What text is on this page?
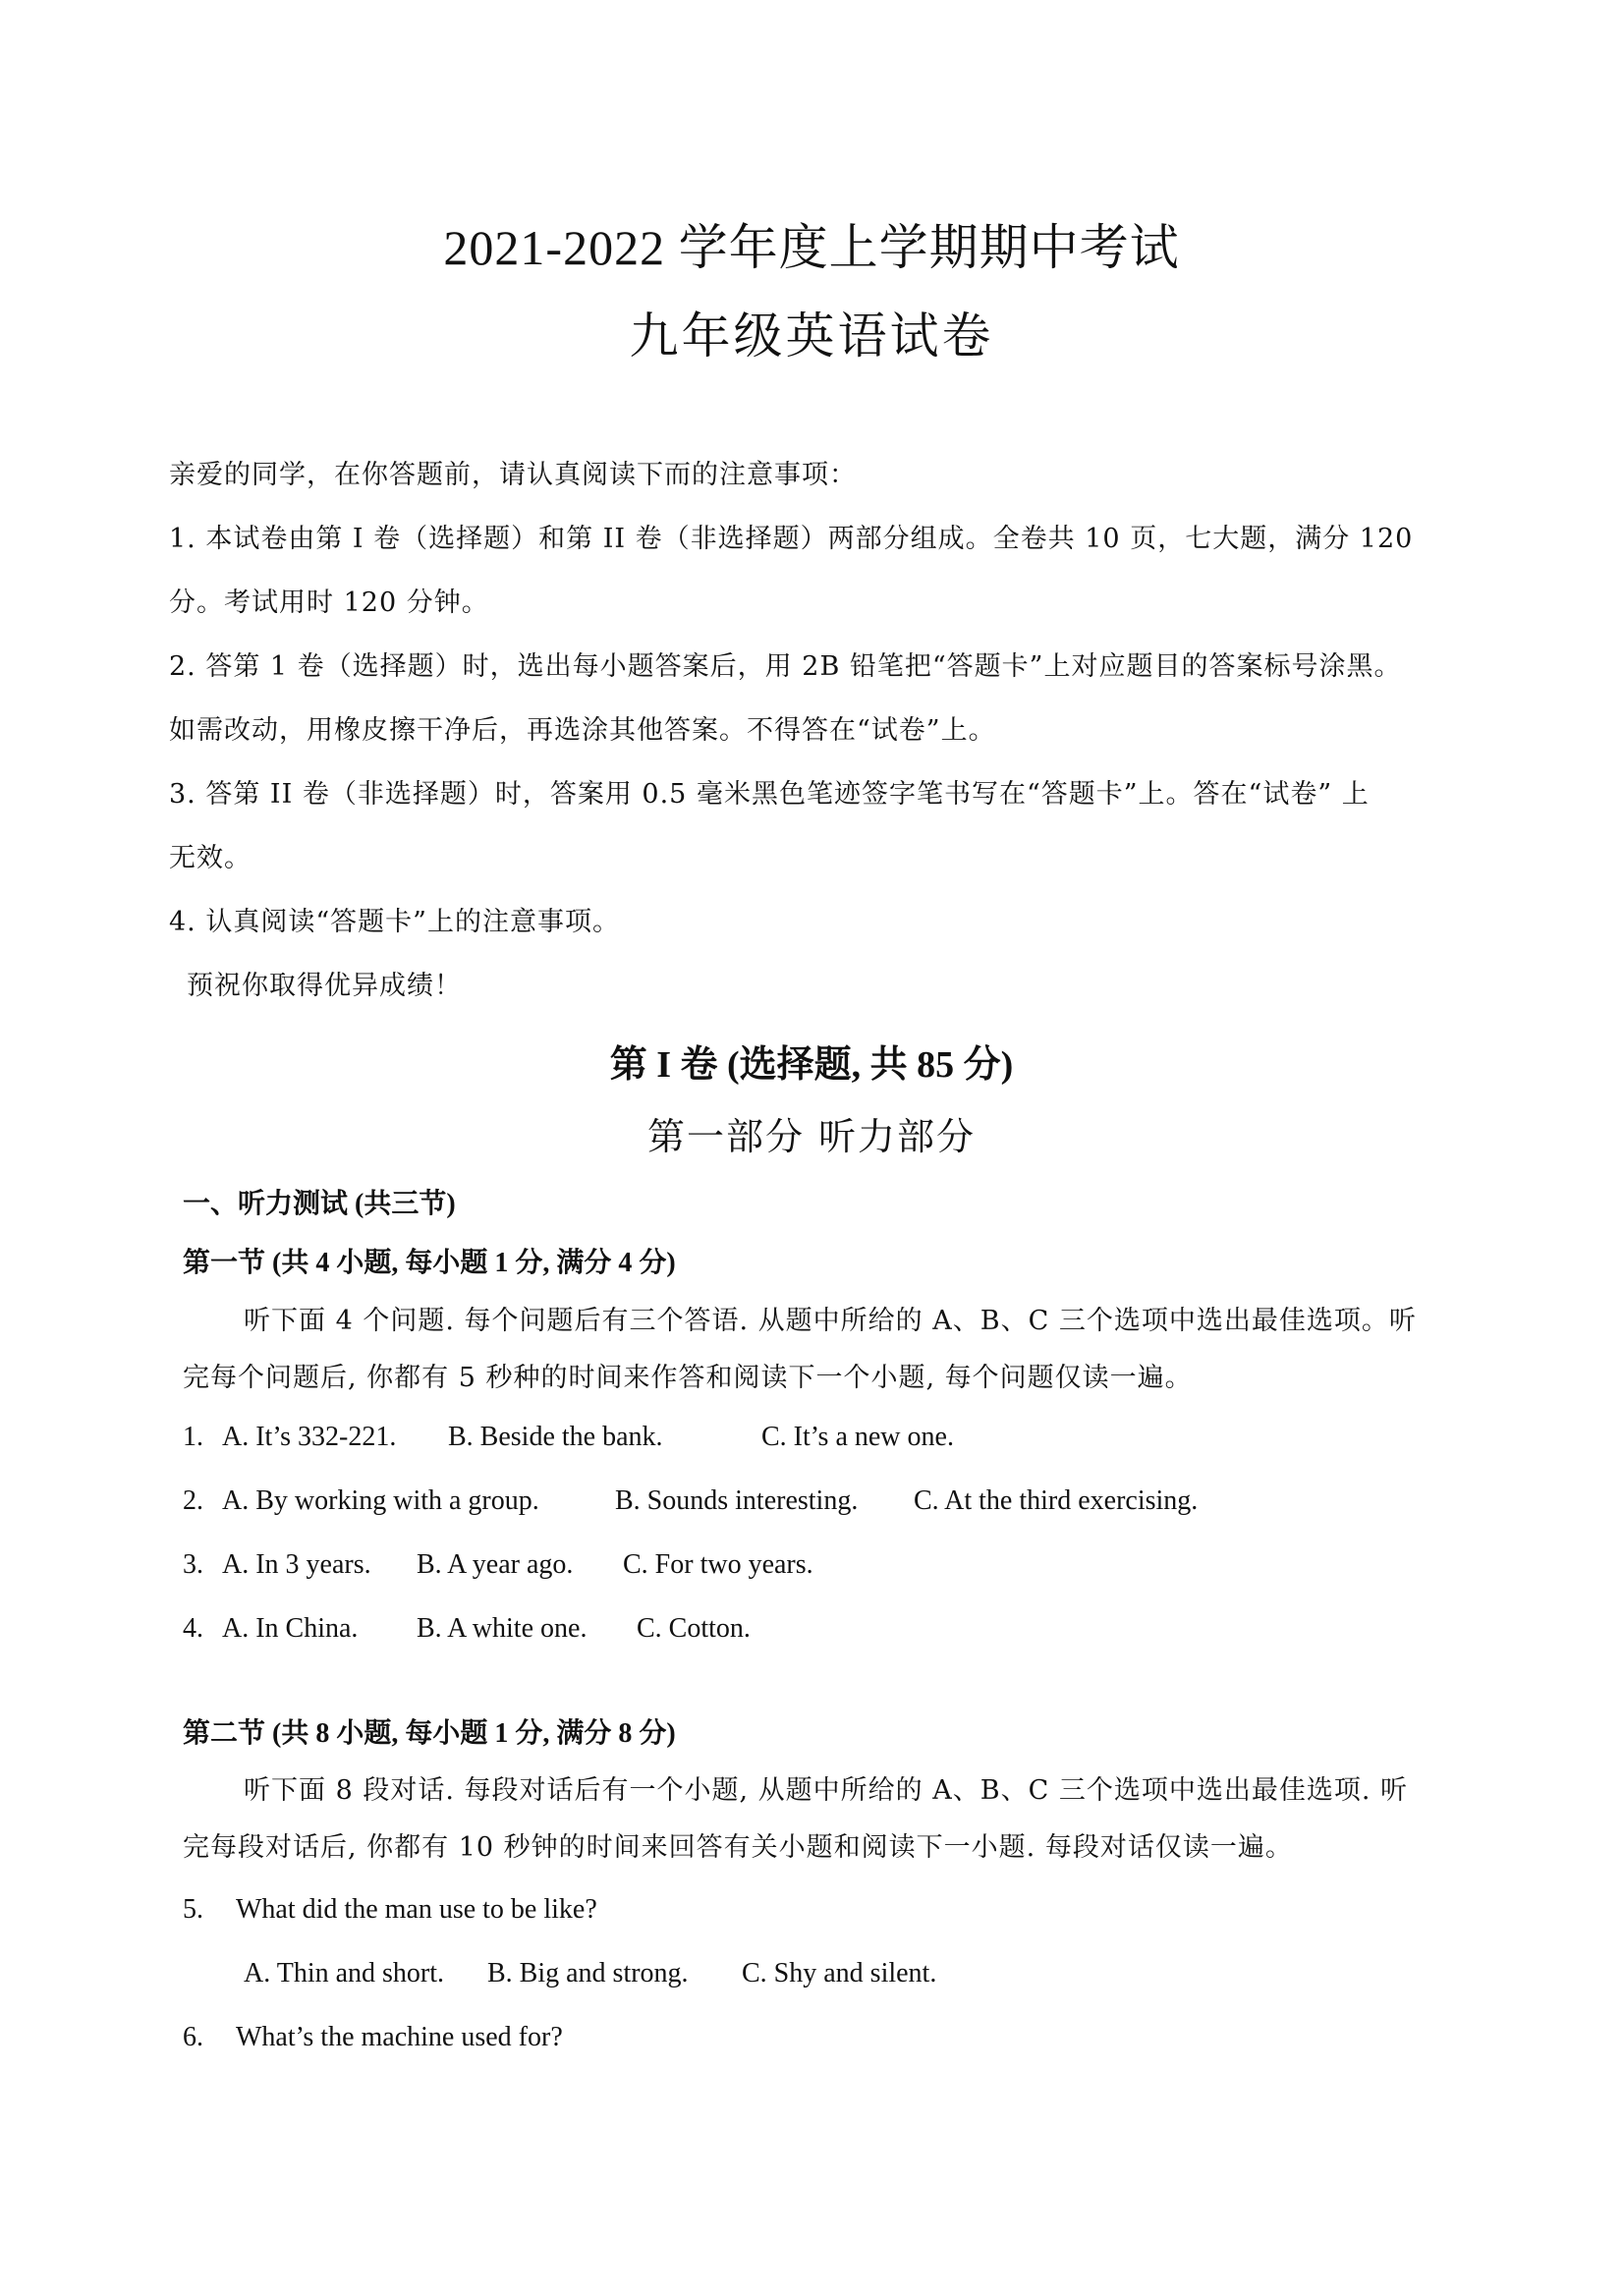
2021-2022 学年度上学期期中考试
九年级英语试卷
亲爱的同学，在你答题前，请认真阅读下而的注意事项：
1. 本试卷由第 I 卷（选择题）和第 II 卷（非选择题）两部分组成。全卷共 10 页，七大题，满分 120
分。考试用时 120 分钟。
2. 答第 1 卷（选择题）时，选出每小题答案后，用 2B 铅笔把“答题卡”上对应题目的答案标号涂黑。
如需改动，用橡皮擦干净后，再选涂其他答案。不得答在“试卷”上。
3. 答第 II 卷（非选择题）时，答案用 0.5 毫米黑色笔迹签字笔书写在“答题卡”上。答在“试卷” 上
无效。
4. 认真阅读“答题卡”上的注意事项。
预祝你取得优异成绩！
第 I 卷 (选择题, 共 85 分)
第一部分 听力部分
一、听力测试 (共三节)
第一节 (共 4 小题, 每小题 1 分, 满分 4 分)
听下面 4 个问题. 每个问题后有三个答语. 从题中所给的 A、B、C 三个选项中选出最佳选项。听
完每个问题后, 你都有 5 秒种的时间来作答和阅读下一个小题, 每个问题仅读一遍。
1. A. It’s 332-221. B. Beside the bank.	C. It’s a new one.
2. A. By working with a group.	B. Sounds interesting. C. At the third exercising.
3. A. In 3 years. B. A year ago. C. For two years.
4. A. In China. B. A white one. C. Cotton.
第二节 (共 8 小题, 每小题 1 分, 满分 8 分)
听下面 8 段对话. 每段对话后有一个小题, 从题中所给的 A、B、C 三个选项中选出最佳选项. 听
完每段对话后, 你都有 10 秒钟的时间来回答有关小题和阅读下一小题. 每段对话仅读一遍。
5. What did the man use to be like?
A. Thin and short. B. Big and strong. C. Shy and silent.
6. What’s the machine used for?
